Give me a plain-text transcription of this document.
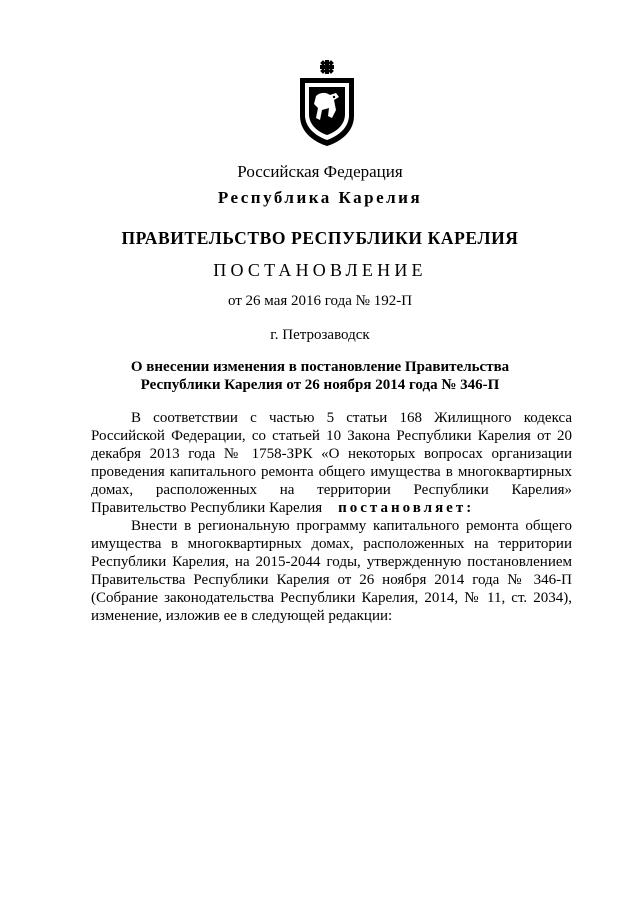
Российская Федерация
Республика Карелия
ПРАВИТЕЛЬСТВО РЕСПУБЛИКИ КАРЕЛИЯ
ПОСТАНОВЛЕНИЕ
от 26 мая 2016 года № 192-П
г. Петрозаводск
О внесении изменения в постановление Правительства
Республики Карелия от 26 ноября 2014 года № 346-П

В соответствии с частью 5 статьи 168 Жилищного кодекса Российской Федерации, со статьей 10 Закона Республики Карелия от 20 декабря 2013 года № 1758-ЗРК «О некоторых вопросах организации проведения капитального ремонта общего имущества в многоквартирных домах, расположенных на территории Республики Карелия» Правительство Республики Карелия постановляет:

Внести в региональную программу капитального ремонта общего имущества в многоквартирных домах, расположенных на территории Республики Карелия, на 2015-2044 годы, утвержденную постановлением Правительства Республики Карелия от 26 ноября 2014 года № 346-П (Собрание законодательства Республики Карелия, 2014, № 11, ст. 2034), изменение, изложив ее в следующей редакции:
